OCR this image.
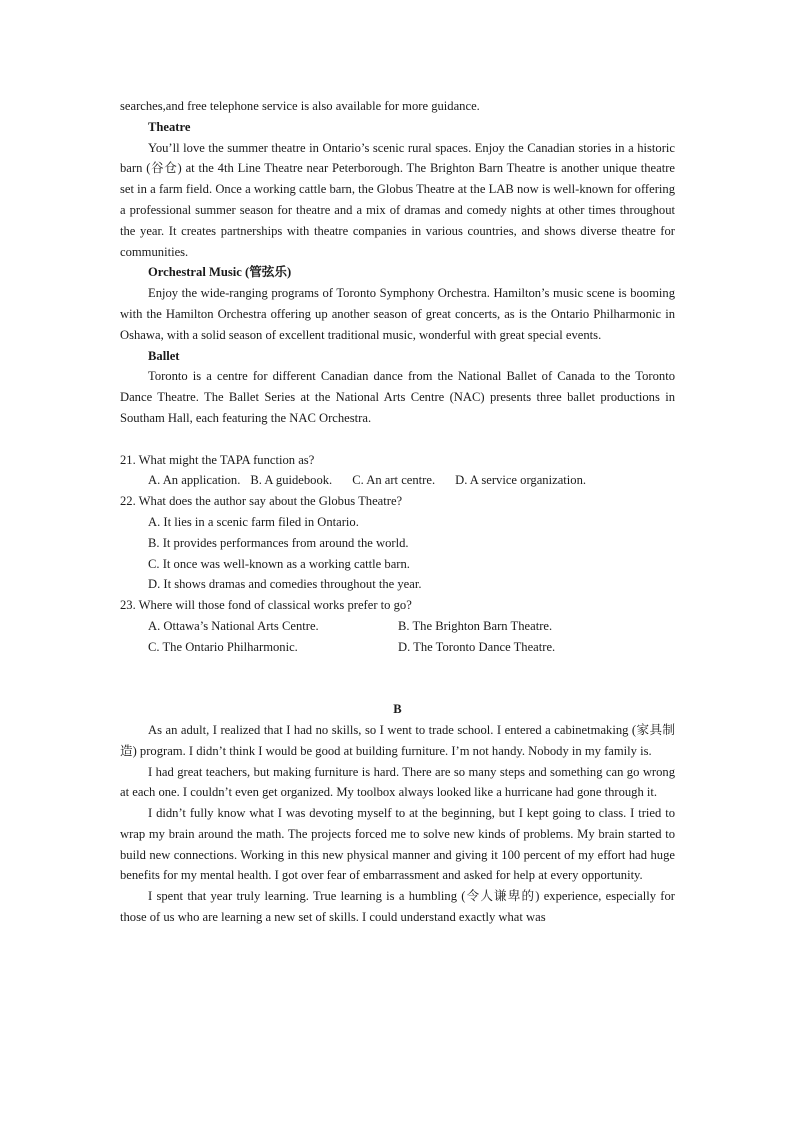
searches,and free telephone service is also available for more guidance.

Theatre

You’ll love the summer theatre in Ontario’s scenic rural spaces. Enjoy the Canadian stories in a historic barn (谷仓) at the 4th Line Theatre near Peterborough. The Brighton Barn Theatre is another unique theatre set in a farm field. Once a working cattle barn, the Globus Theatre at the LAB now is well-known for offering a professional summer season for theatre and a mix of dramas and comedy nights at other times throughout the year. It creates partnerships with theatre companies in various countries, and shows diverse theatre for communities.

Orchestral Music (管弦乐)

Enjoy the wide-ranging programs of Toronto Symphony Orchestra. Hamilton’s music scene is booming with the Hamilton Orchestra offering up another season of great concerts, as is the Ontario Philharmonic in Oshawa, with a solid season of excellent traditional music, wonderful with great special events.

Ballet

Toronto is a centre for different Canadian dance from the National Ballet of Canada to the Toronto Dance Theatre. The Ballet Series at the National Arts Centre (NAC) presents three ballet productions in Southam Hall, each featuring the NAC Orchestra.

21. What might the TAPA function as?

A. An application. B. A guidebook. C. An art centre. D. A service organization.

22. What does the author say about the Globus Theatre?

A. It lies in a scenic farm filed in Ontario.

B. It provides performances from around the world.

C. It once was well-known as a working cattle barn.

D. It shows dramas and comedies throughout the year.

23. Where will those fond of classical works prefer to go?

A. Ottawa’s National Arts Centre.	B. The Brighton Barn Theatre.
C. The Ontario Philharmonic.	D. The Toronto Dance Theatre.

B

As an adult, I realized that I had no skills, so I went to trade school. I entered a cabinetmaking (家具制造) program. I didn’t think I would be good at building furniture. I’m not handy. Nobody in my family is.

I had great teachers, but making furniture is hard. There are so many steps and something can go wrong at each one. I couldn’t even get organized. My toolbox always looked like a hurricane had gone through it.

I didn’t fully know what I was devoting myself to at the beginning, but I kept going to class. I tried to wrap my brain around the math. The projects forced me to solve new kinds of problems. My brain started to build new connections. Working in this new physical manner and giving it 100 percent of my effort had huge benefits for my mental health. I got over fear of embarrassment and asked for help at every opportunity.

I spent that year truly learning. True learning is a humbling (令人谦卑的) experience, especially for those of us who are learning a new set of skills. I could understand exactly what was
